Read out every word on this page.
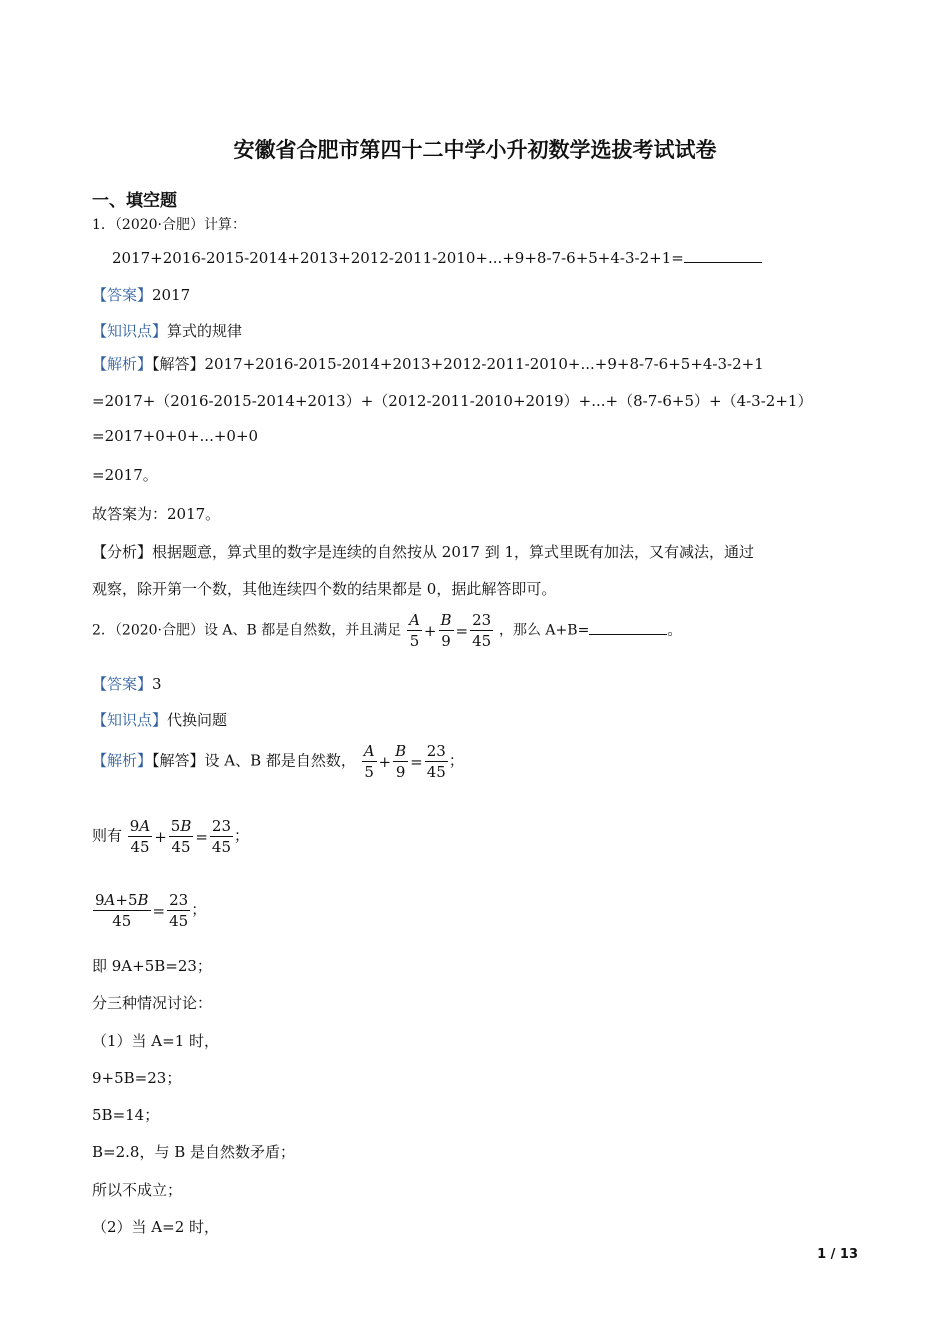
安徽省合肥市第四十二中学小升初数学选拔考试试卷
一、填空题
1．（2020·合肥）计算：
2017+2016-2015-2014+2013+2012-2011-2010+...+9+8-7-6+5+4-3-2+1=
【答案】2017
【知识点】算式的规律
【解析】【解答】2017+2016-2015-2014+2013+2012-2011-2010+...+9+8-7-6+5+4-3-2+1
=2017+（2016-2015-2014+2013）+（2012-2011-2010+2019）+...+（8-7-6+5）+（4-3-2+1）
=2017+0+0+...+0+0
=2017。
故答案为：2017。
【分析】根据题意，算式里的数字是连续的自然按从 2017 到 1，算式里既有加法，又有减法，通过
观察，除开第一个数，其他连续四个数的结果都是 0，据此解答即可。
2．（2020·合肥）设 A、B 都是自然数，并且满足 $\frac{A}{5} + \frac{B}{9} = \frac{23}{45}$ ，那么 A+B=	。
【答案】3
【知识点】代换问题
【解析】【解答】设 A、B 都是自然数， $\frac{A}{5} + \frac{B}{9} = \frac{23}{45}$ ；
则有 $\frac{9A}{45} + \frac{5B}{45} = \frac{23}{45}$ ；
$\frac{9A+5B}{45} = \frac{23}{45}$ ；
即 9A+5B=23；
分三种情况讨论：
（1）当 A=1 时，
9+5B=23；
5B=14；
B=2.8，与 B 是自然数矛盾；
所以不成立；
（2）当 A=2 时，
1 / 13
